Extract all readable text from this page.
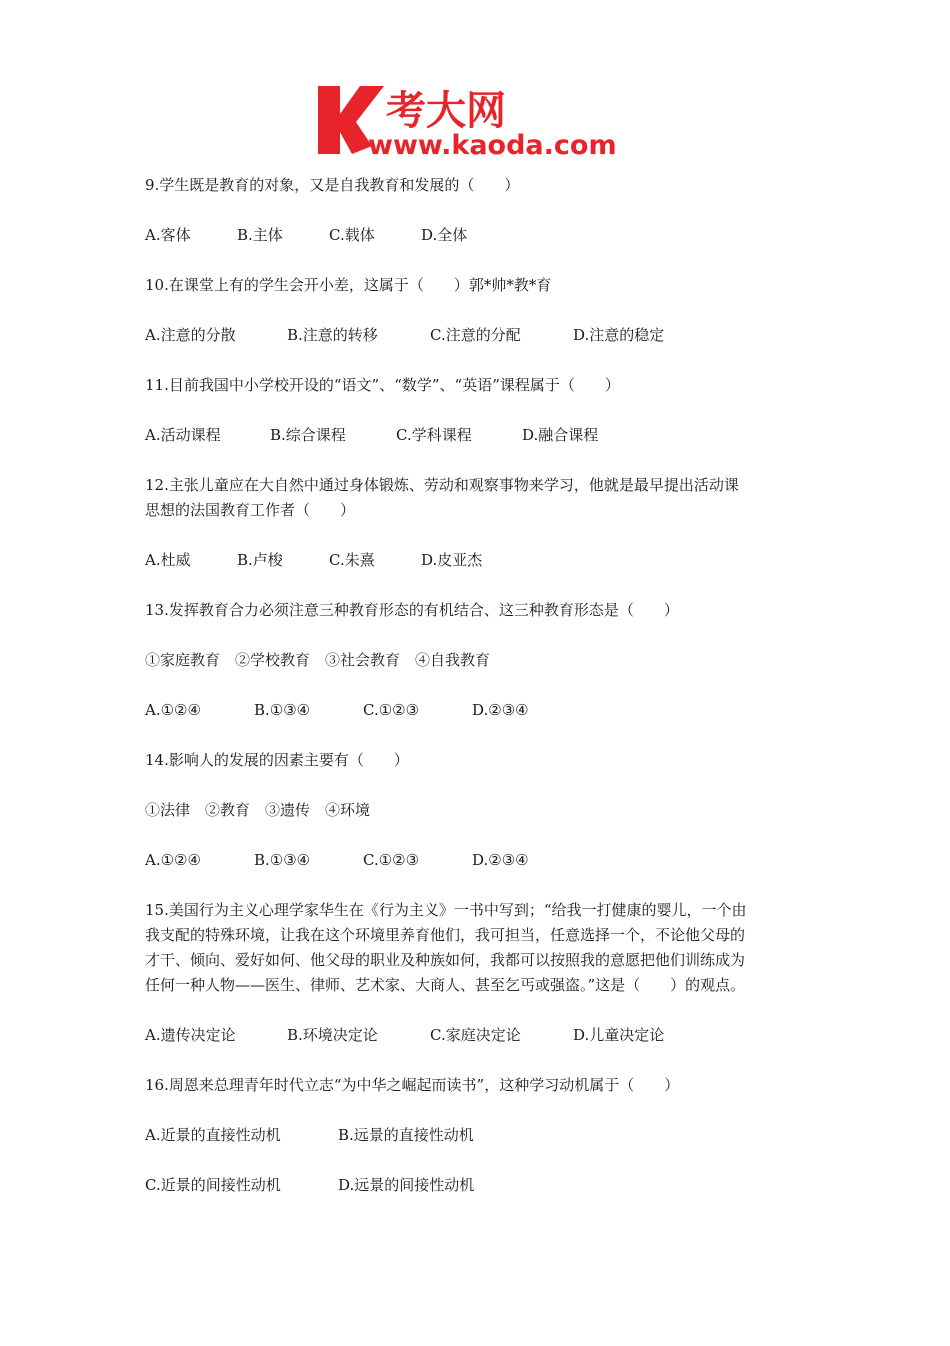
考大网
www.kaoda.com
9.学生既是教育的对象，又是自我教育和发展的（　　）
A.客体	B.主体	C.载体	D.全体
10.在课堂上有的学生会开小差，这属于（　　）郭*帅*教*育
A.注意的分散	B.注意的转移	C.注意的分配	D.注意的稳定
11.目前我国中小学校开设的“语文”、“数学”、“英语”课程属于（　　）
A.活动课程	B.综合课程	C.学科课程	D.融合课程
12.主张儿童应在大自然中通过身体锻炼、劳动和观察事物来学习，他就是最早提出活动课
思想的法国教育工作者（　　）
A.杜威	B.卢梭	C.朱熹	D.皮亚杰
13.发挥教育合力必须注意三种教育形态的有机结合、这三种教育形态是（　　）
①家庭教育　②学校教育　③社会教育　④自我教育
A.①②④	B.①③④	C.①②③	D.②③④
14.影响人的发展的因素主要有（　　）
①法律　②教育　③遗传　④环境
A.①②④	B.①③④	C.①②③	D.②③④
15.美国行为主义心理学家华生在《行为主义》一书中写到；“给我一打健康的婴儿，一个由
我支配的特殊环境，让我在这个环境里养育他们，我可担当，任意选择一个，不论他父母的
才干、倾向、爱好如何、他父母的职业及种族如何，我都可以按照我的意愿把他们训练成为
任何一种人物——医生、律师、艺术家、大商人、甚至乞丐或强盗。”这是（　　）的观点。
A.遗传决定论	B.环境决定论	C.家庭决定论	D.儿童决定论
16.周恩来总理青年时代立志“为中华之崛起而读书”，这种学习动机属于（　　）
A.近景的直接性动机	B.远景的直接性动机
C.近景的间接性动机	D.远景的间接性动机
